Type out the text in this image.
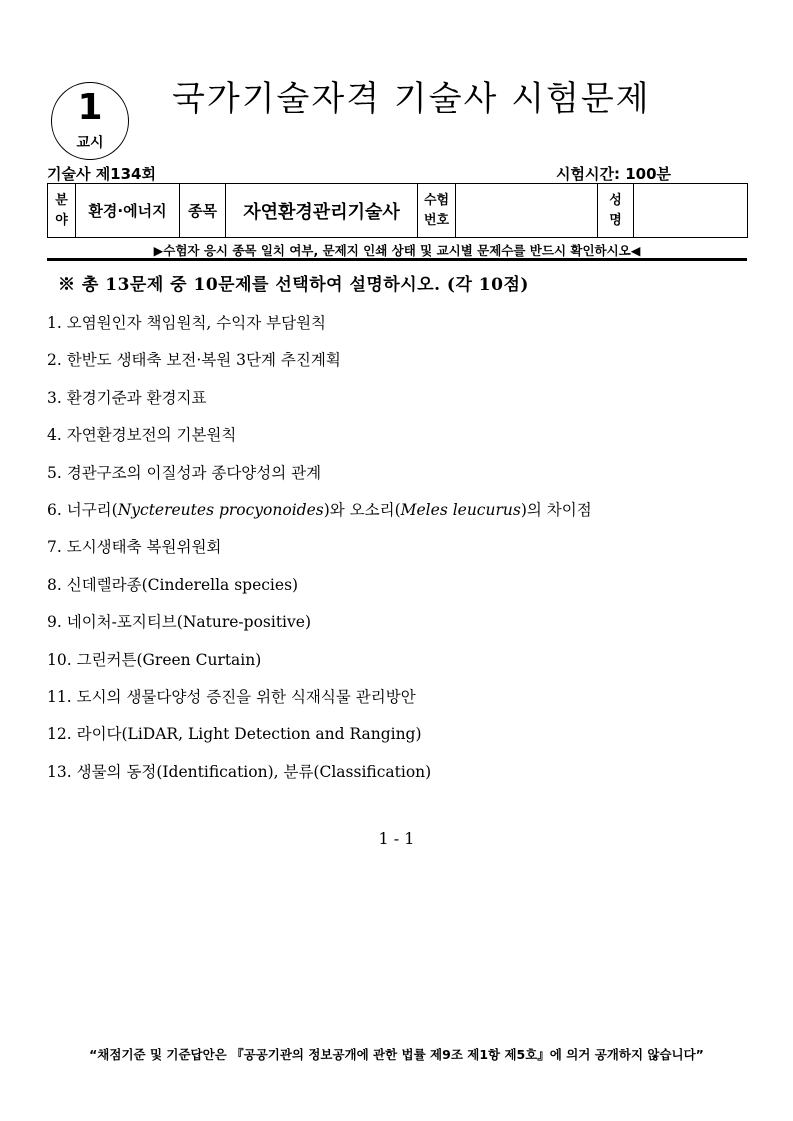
1
교시
국가기술자격 기술사 시험문제
기술사 제134회	시험시간: 100분
분야	환경·에너지	종목	자연환경관리기술사	수험번호		성명	
▶수험자 응시 종목 일치 여부, 문제지 인쇄 상태 및 교시별 문제수를 반드시 확인하시오◀
※ 총 13문제 중 10문제를 선택하여 설명하시오. (각 10점)
1. 오염원인자 책임원칙, 수익자 부담원칙
2. 한반도 생태축 보전·복원 3단계 추진계획
3. 환경기준과 환경지표
4. 자연환경보전의 기본원칙
5. 경관구조의 이질성과 종다양성의 관계
6. 너구리(Nyctereutes procyonoides)와 오소리(Meles leucurus)의 차이점
7. 도시생태축 복원위원회
8. 신데렐라종(Cinderella species)
9. 네이처-포지티브(Nature-positive)
10. 그린커튼(Green Curtain)
11. 도시의 생물다양성 증진을 위한 식재식물 관리방안
12. 라이다(LiDAR, Light Detection and Ranging)
13. 생물의 동정(Identification), 분류(Classification)
1 - 1
“채점기준 및 기준답안은 『공공기관의 정보공개에 관한 법률 제9조 제1항 제5호』에 의거 공개하지 않습니다”
